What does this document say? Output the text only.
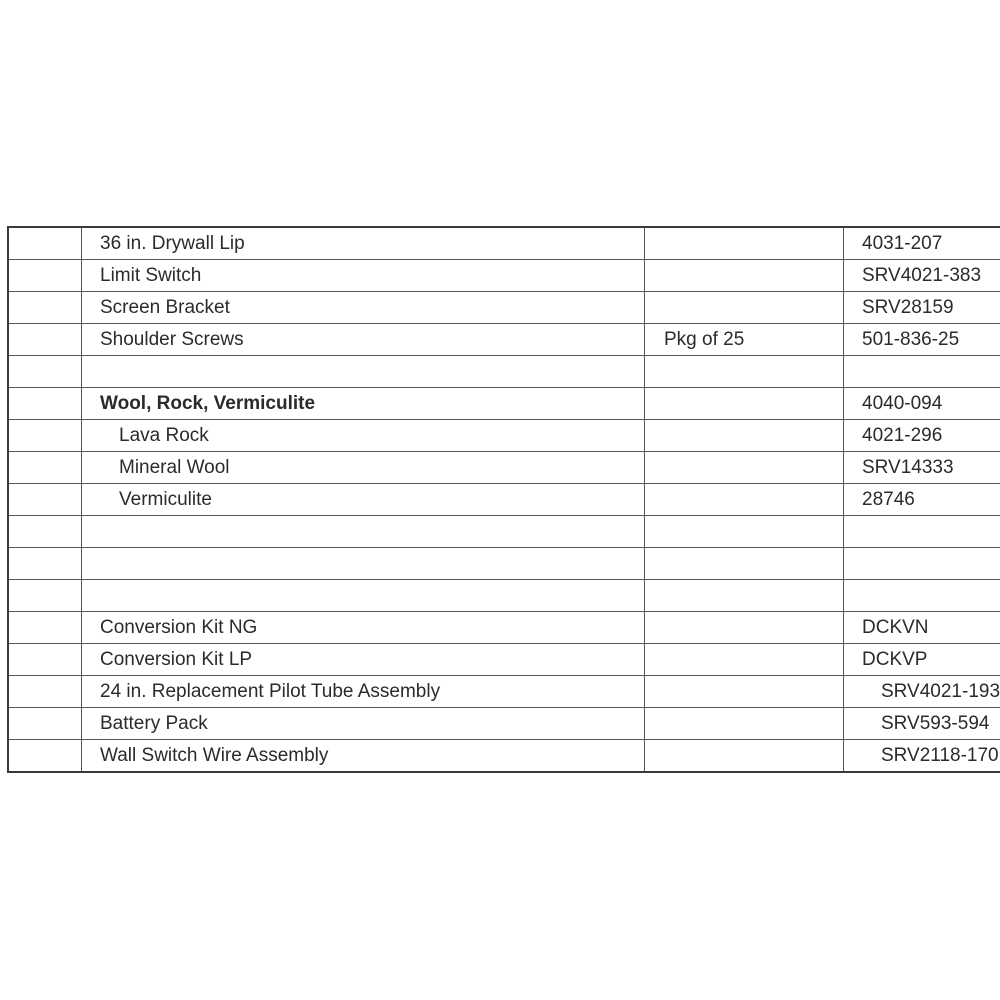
	36 in. Drywall Lip		4031-207
	Limit Switch		SRV4021-383
	Screen Bracket		SRV28159
	Shoulder Screws	Pkg of 25	501-836-25

	Wool, Rock, Vermiculite		4040-094
	Lava Rock		4021-296
	Mineral Wool		SRV14333
	Vermiculite		28746

	Conversion Kit NG		DCKVN
	Conversion Kit LP		DCKVP
	24 in. Replacement Pilot Tube Assembly		SRV4021-193
	Battery Pack		SRV593-594
	Wall Switch Wire Assembly		SRV2118-170
